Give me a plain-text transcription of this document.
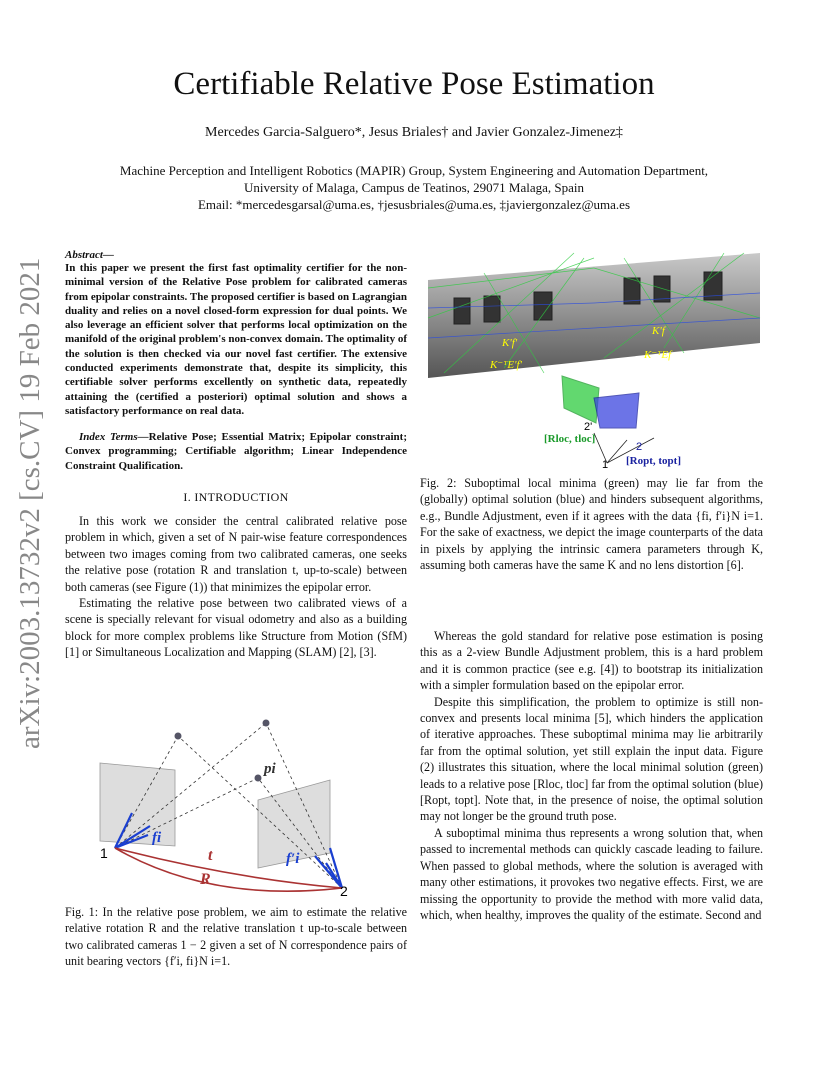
Certifiable Relative Pose Estimation
Mercedes Garcia-Salguero*, Jesus Briales† and Javier Gonzalez-Jimenez‡
Machine Perception and Intelligent Robotics (MAPIR) Group, System Engineering and Automation Department,
University of Malaga, Campus de Teatinos, 29071 Malaga, Spain
Email: *mercedesgarsal@uma.es, †jesusbriales@uma.es, ‡javiergonzalez@uma.es
arXiv:2003.13732v2 [cs.CV] 19 Feb 2021
Abstract—
In this paper we present the first fast optimality certifier for the non-minimal version of the Relative Pose problem for calibrated cameras from epipolar constraints. The proposed certifier is based on Lagrangian duality and relies on a novel closed-form expression for dual points. We also leverage an efficient solver that performs local optimization on the manifold of the original problem's non-convex domain. The optimality of the solution is then checked via our novel fast certifier. The extensive conducted experiments demonstrate that, despite its simplicity, this certifiable solver performs excellently on synthetic data, repeatedly attaining the (certified a posteriori) optimal solution and shows a satisfactory performance on real data.
Index Terms—Relative Pose; Essential Matrix; Epipolar constraint; Convex programming; Certifiable algorithm; Linear Independence Constraint Qualification.
I. INTRODUCTION

In this work we consider the central calibrated relative pose problem in which, given a set of N pair-wise feature correspondences between two images coming from two calibrated cameras, one seeks the relative pose (rotation R and translation t, up-to-scale) between both cameras (see Figure (1)) that minimizes the epipolar error.

Estimating the relative pose between two calibrated views of a scene is specially relevant for visual odometry and also as a building block for more complex problems like Structure from Motion (SfM) [1] or Simultaneous Localization and Mapping (SLAM) [2], [3].

1
2
pi
fi
f′i
t
R
Fig. 1: In the relative pose problem, we aim to estimate the relative relative rotation R and the relative translation t up-to-scale between two calibrated cameras 1 − 2 given a set of N correspondence pairs of unit bearing vectors {f′i, fi}N i=1.
K'f'
K⁻ᵀE'f'
K'f
K⁻ᵀEf
1
2
2'
[Rloc, tloc]
[Ropt, topt]
Fig. 2: Suboptimal local minima (green) may lie far from the (globally) optimal solution (blue) and hinders subsequent algorithms, e.g., Bundle Adjustment, even if it agrees with the data {fi, f′i}N i=1. For the sake of exactness, we depict the image counterparts of the data in pixels by applying the intrinsic camera parameters through K, assuming both cameras have the same K and no lens distortion [6].

Whereas the gold standard for relative pose estimation is posing this as a 2-view Bundle Adjustment problem, this is a hard problem and it is common practice (see e.g. [4]) to bootstrap its initialization with a simpler formulation based on the epipolar error.

Despite this simplification, the problem to optimize is still non-convex and presents local minima [5], which hinders the application of iterative approaches. These suboptimal minima may lie arbitrarily far from the optimal solution, yet still explain the input data. Figure (2) illustrates this situation, where the local minimal solution (green) leads to a relative pose [Rloc, tloc] far from the optimal solution (blue) [Ropt, topt]. Note that, in the presence of noise, the optimal solution may not longer be the ground truth pose.

A suboptimal minima thus represents a wrong solution that, when passed to incremental methods can quickly cascade leading to failure. When passed to global methods, where the solution is averaged with many other estimations, it provokes two negative effects. First, we are missing the opportunity to provide the method with more valid data, which, when healthy, improves the quality of the estimate. Second and
